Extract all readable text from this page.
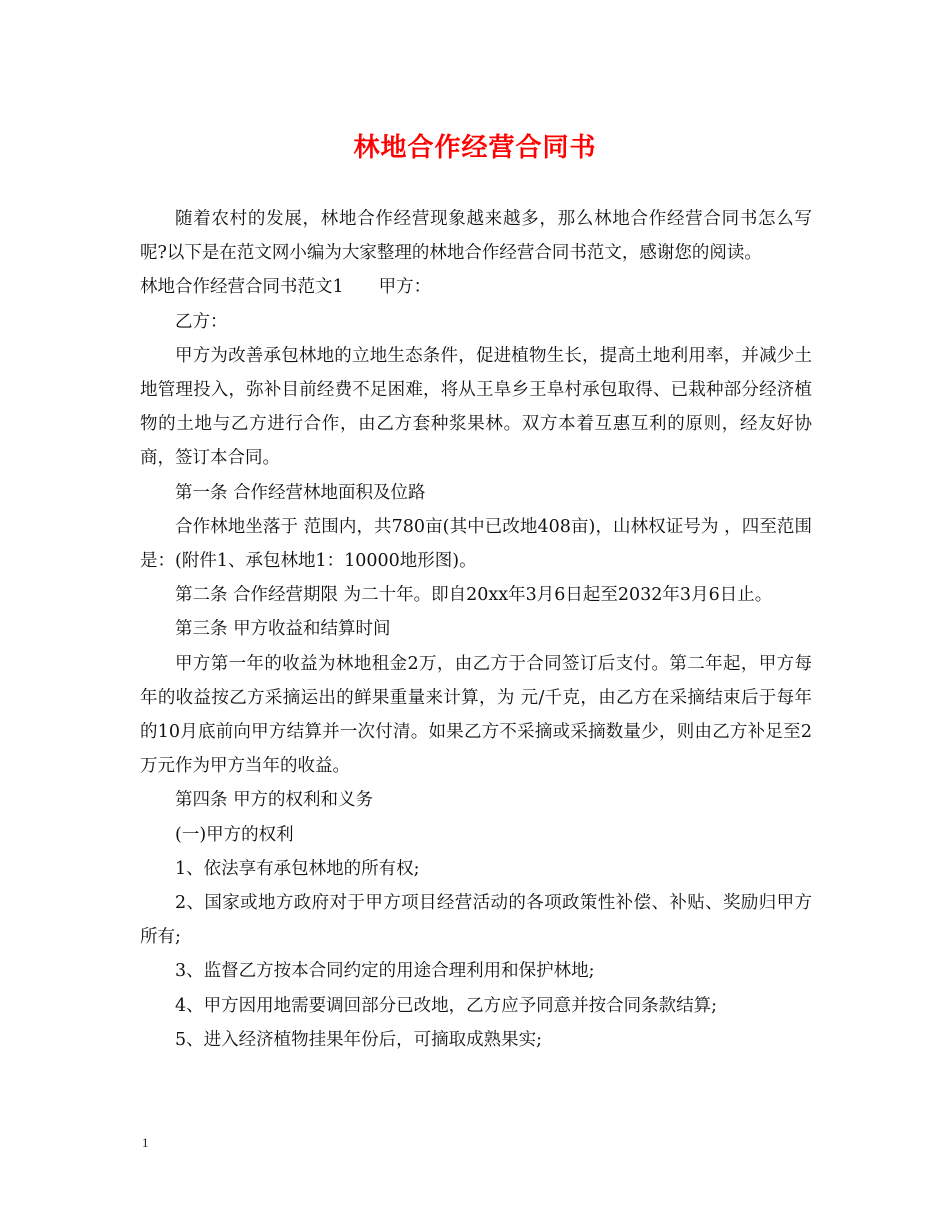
林地合作经营合同书

随着农村的发展，林地合作经营现象越来越多，那么林地合作经营合同书怎么写呢?以下是在范文网小编为大家整理的林地合作经营合同书范文，感谢您的阅读。

林地合作经营合同书范文1　　甲方：

乙方：

甲方为改善承包林地的立地生态条件，促进植物生长，提高土地利用率，并减少土地管理投入，弥补目前经费不足困难，将从王阜乡王阜村承包取得、已栽种部分经济植物的土地与乙方进行合作，由乙方套种浆果林。双方本着互惠互利的原则，经友好协商，签订本合同。

第一条 合作经营林地面积及位路

合作林地坐落于 范围内，共780亩(其中已改地408亩)，山林权证号为 ，四至范围是：(附件1、承包林地1：10000地形图)。

第二条 合作经营期限 为二十年。即自20xx年3月6日起至2032年3月6日止。

第三条 甲方收益和结算时间

甲方第一年的收益为林地租金2万，由乙方于合同签订后支付。第二年起，甲方每年的收益按乙方采摘运出的鲜果重量来计算，为 元/千克，由乙方在采摘结束后于每年的10月底前向甲方结算并一次付清。如果乙方不采摘或采摘数量少，则由乙方补足至2万元作为甲方当年的收益。

第四条 甲方的权利和义务

(一)甲方的权利

1、依法享有承包林地的所有权;

2、国家或地方政府对于甲方项目经营活动的各项政策性补偿、补贴、奖励归甲方所有;

3、监督乙方按本合同约定的用途合理利用和保护林地;

4、甲方因用地需要调回部分已改地，乙方应予同意并按合同条款结算;

5、进入经济植物挂果年份后，可摘取成熟果实;

1
